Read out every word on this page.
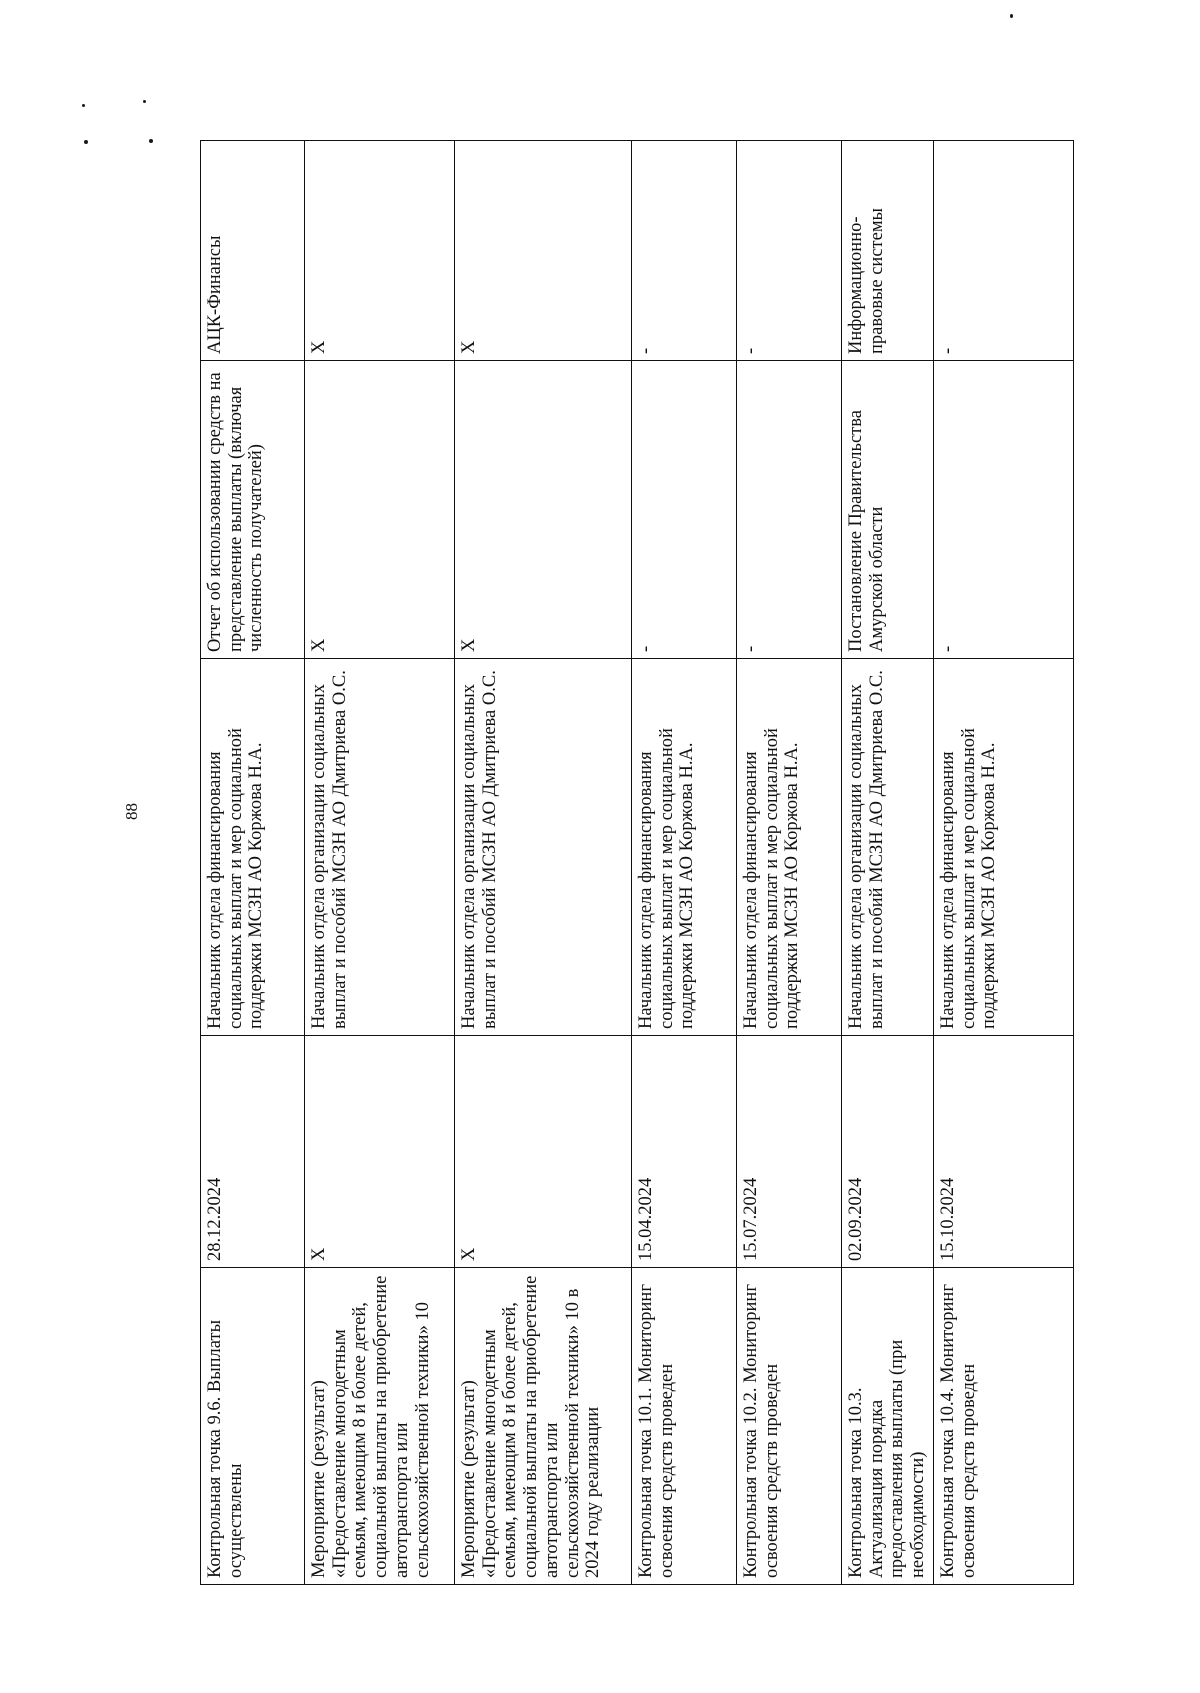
88
Контрольная точка 9.6. Выплаты осуществлены	28.12.2024	Начальник отдела финансирования социальных выплат и мер социальной поддержки МСЗН АО Коржова Н.А.	Отчет об использовании средств на представление выплаты (включая численность получателей)	АЦК-Финансы
Мероприятие (результат) «Предоставление многодетным семьям, имеющим 8 и более детей, социальной выплаты на приобретение автотранспорта или сельскохозяйственной техники» 10	X	Начальник отдела организации социальных выплат и пособий МСЗН АО Дмитриева О.С.	X	X
Мероприятие (результат) «Предоставление многодетным семьям, имеющим 8 и более детей, социальной выплаты на приобретение автотранспорта или сельскохозяйственной техники» 10 в 2024 году реализации	X	Начальник отдела организации социальных выплат и пособий МСЗН АО Дмитриева О.С.	X	X
Контрольная точка 10.1. Мониторинг освоения средств проведен	15.04.2024	Начальник отдела финансирования социальных выплат и мер социальной поддержки МСЗН АО Коржова Н.А.	-	-
Контрольная точка 10.2. Мониторинг освоения средств проведен	15.07.2024	Начальник отдела финансирования социальных выплат и мер социальной поддержки МСЗН АО Коржова Н.А.	-	-
Контрольная точка 10.3. Актуализация порядка предоставления выплаты (при необходимости)	02.09.2024	Начальник отдела организации социальных выплат и пособий МСЗН АО Дмитриева О.С.	Постановление Правительства Амурской области	Информационно-правовые системы
Контрольная точка 10.4. Мониторинг освоения средств проведен	15.10.2024	Начальник отдела финансирования социальных выплат и мер социальной поддержки МСЗН АО Коржова Н.А.	-	-
